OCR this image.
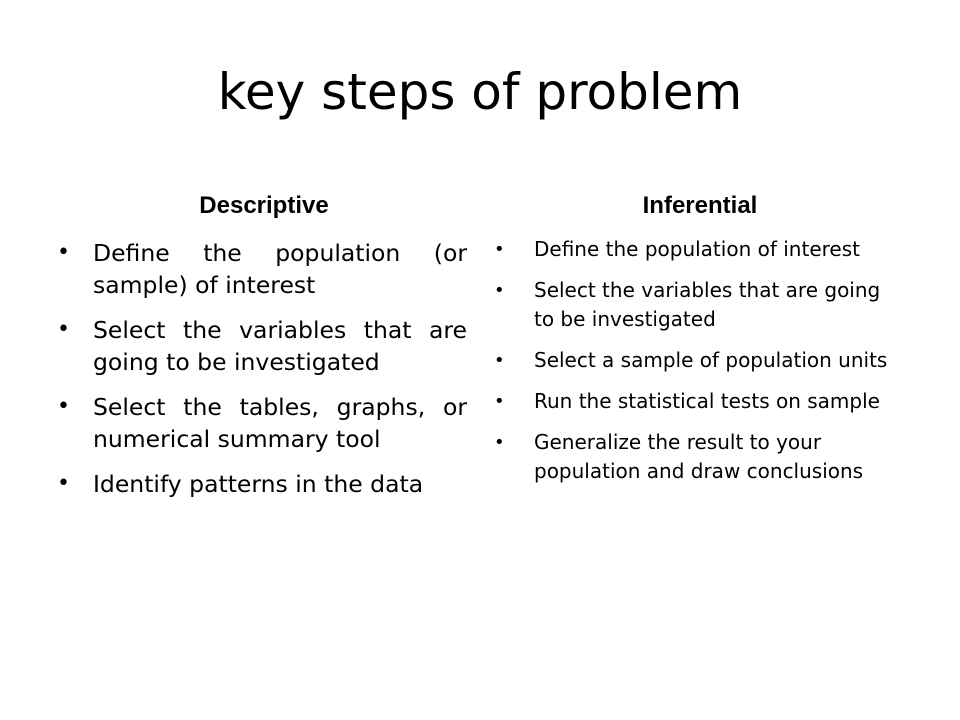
key steps of problem
Descriptive	Inferential
• Define the population (or sample) of interest
• Select the variables that are going to be investigated
• Select the tables, graphs, or numerical summary tool
• Identify patterns in the data
• Define the population of interest
• Select the variables that are going to be investigated
• Select a sample of population units
• Run the statistical tests on sample
• Generalize the result to your population and draw conclusions
